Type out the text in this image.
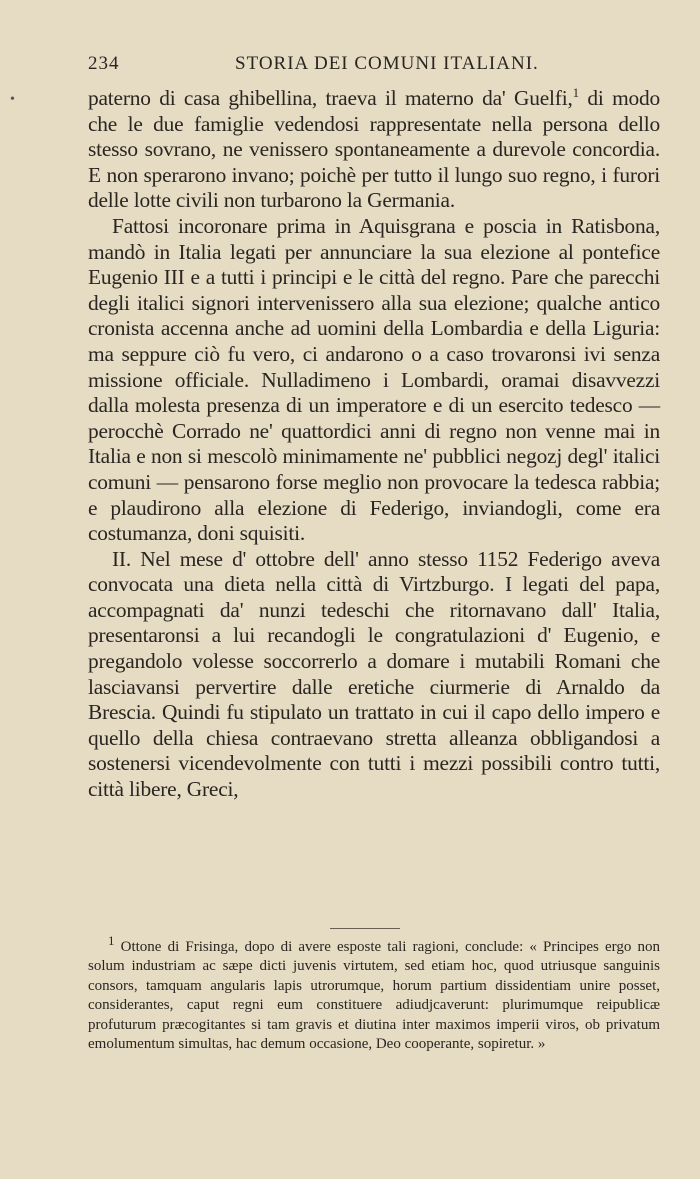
•
234	STORIA DEI COMUNI ITALIANI.

paterno di casa ghibellina, traeva il materno da' Guelfi,$^1$ di modo che le due famiglie vedendosi rappresentate nella persona dello stesso sovrano, ne venissero spontaneamente a durevole concordia. E non sperarono invano; poichè per tutto il lungo suo regno, i furori delle lotte civili non turbarono la Germania.

Fattosi incoronare prima in Aquisgrana e poscia in Ratisbona, mandò in Italia legati per annunciare la sua elezione al pontefice Eugenio III e a tutti i principi e le città del regno. Pare che parecchi degli italici signori intervenissero alla sua elezione; qualche antico cronista accenna anche ad uomini della Lombardia e della Liguria: ma seppure ciò fu vero, ci andarono o a caso trovaronsi ivi senza missione officiale. Nulladimeno i Lombardi, oramai disavvezzi dalla molesta presenza di un imperatore e di un esercito tedesco — perocchè Corrado ne' quattordici anni di regno non venne mai in Italia e non si mescolò minimamente ne' pubblici negozj degl' italici comuni — pensarono forse meglio non provocare la tedesca rabbia; e plaudirono alla elezione di Federigo, inviandogli, come era costumanza, doni squisiti.

II. Nel mese d' ottobre dell' anno stesso 1152 Federigo aveva convocata una dieta nella città di Virtzburgo. I legati del papa, accompagnati da' nunzi tedeschi che ritornavano dall' Italia, presentaronsi a lui recandogli le congratulazioni d' Eugenio, e pregandolo volesse soccorrerlo a domare i mutabili Romani che lasciavansi pervertire dalle eretiche ciurmerie di Arnaldo da Brescia. Quindi fu stipulato un trattato in cui il capo dello impero e quello della chiesa contraevano stretta alleanza obbligandosi a sostenersi vicendevolmente con tutti i mezzi possibili contro tutti, città libere, Greci,

1 Ottone di Frisinga, dopo di avere esposte tali ragioni, conclude: « Principes ergo non solum industriam ac sæpe dicti juvenis virtutem, sed etiam hoc, quod utriusque sanguinis consors, tamquam angularis lapis utrorumque, horum partium dissidentiam unire posset, considerantes, caput regni eum constituere adiudjcaverunt: plurimumque reipublicæ profuturum præcogitantes si tam gravis et diutina inter maximos imperii viros, ob privatum emolumentum simultas, hac demum occasione, Deo cooperante, sopiretur. »
